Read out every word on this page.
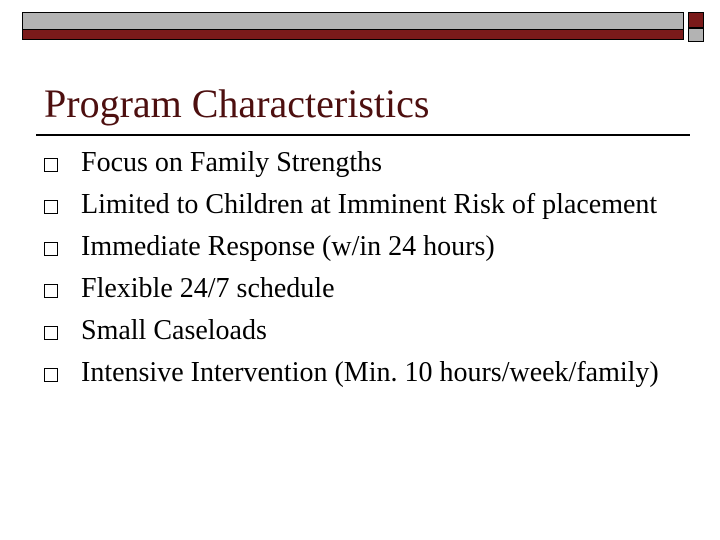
Program Characteristics
Focus on Family Strengths
Limited to Children at Imminent Risk of placement
Immediate Response (w/in 24 hours)
Flexible 24/7 schedule
Small Caseloads
Intensive Intervention (Min. 10 hours/week/family)
